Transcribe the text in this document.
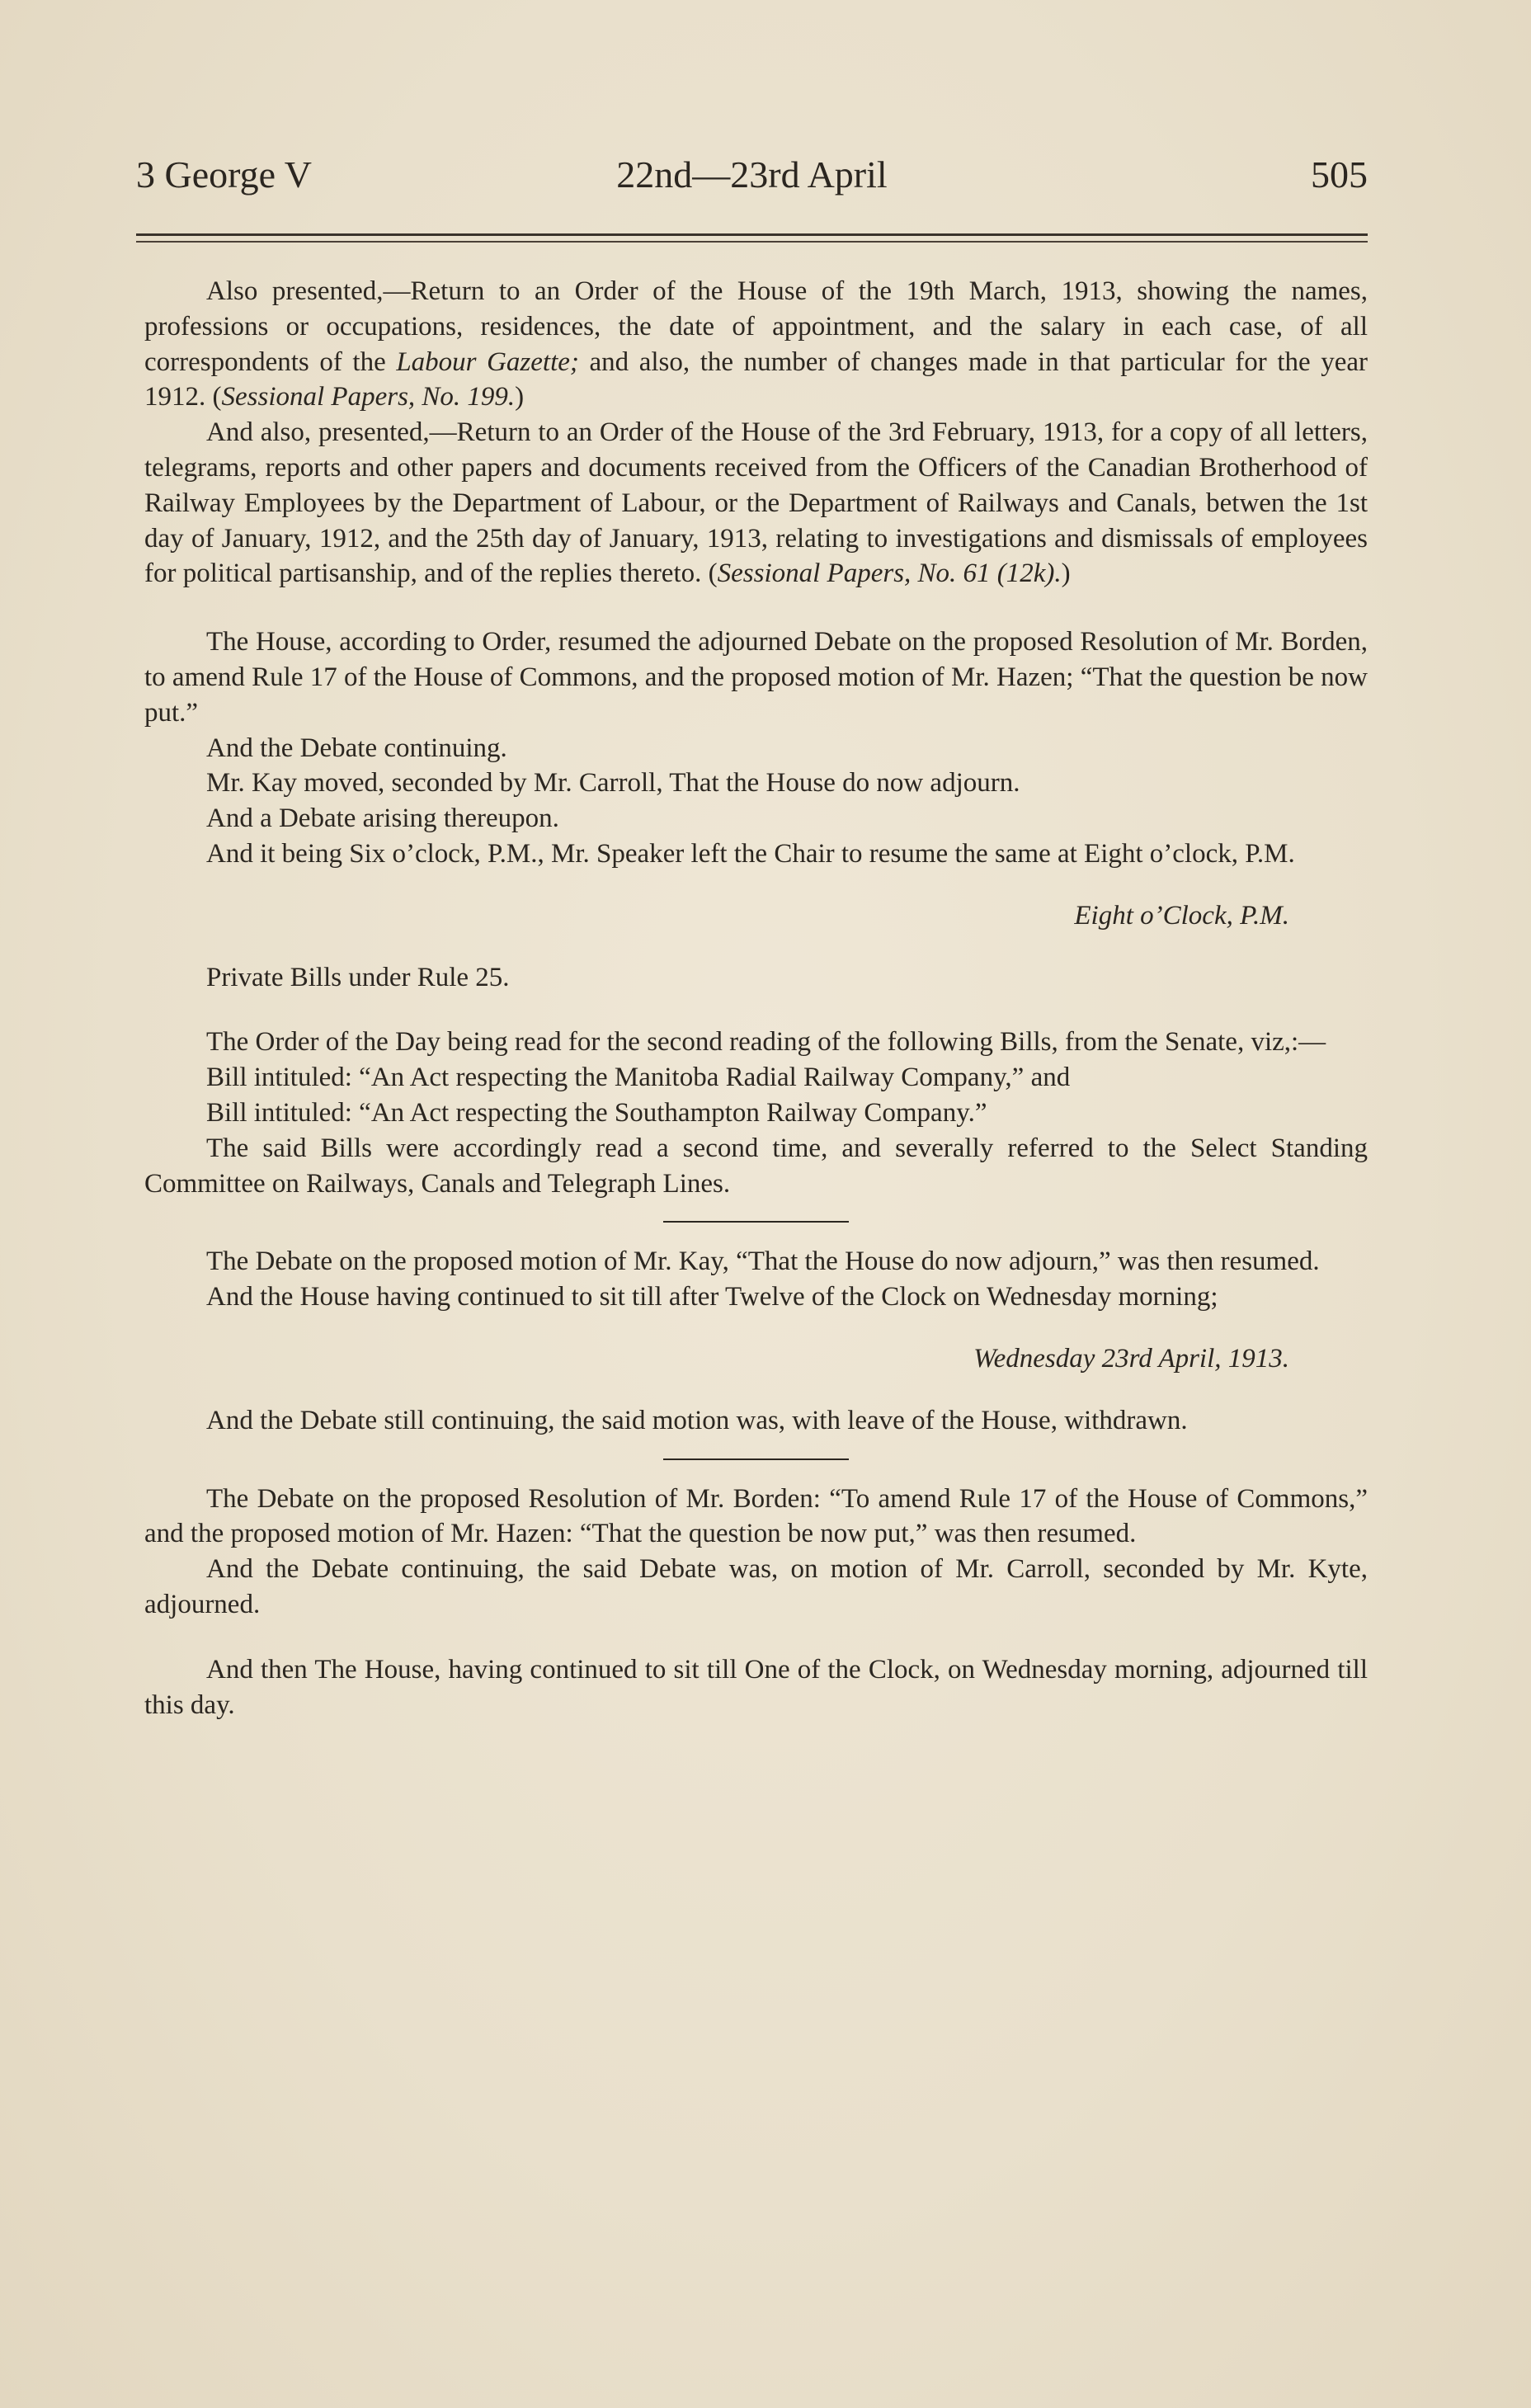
3 George V	22nd—23rd April	505

Also presented,—Return to an Order of the House of the 19th March, 1913, showing the names, professions or occupations, residences, the date of appointment, and the salary in each case, of all correspondents of the Labour Gazette; and also, the number of changes made in that particular for the year 1912. (Sessional Papers, No. 199.)

And also, presented,—Return to an Order of the House of the 3rd February, 1913, for a copy of all letters, telegrams, reports and other papers and documents received from the Officers of the Canadian Brotherhood of Railway Employees by the Department of Labour, or the Department of Railways and Canals, betwen the 1st day of January, 1912, and the 25th day of January, 1913, relating to investigations and dismissals of employees for political partisanship, and of the replies thereto. (Sessional Papers, No. 61 (12k).)

The House, according to Order, resumed the adjourned Debate on the proposed Resolution of Mr. Borden, to amend Rule 17 of the House of Commons, and the proposed motion of Mr. Hazen; “That the question be now put.”

And the Debate continuing.

Mr. Kay moved, seconded by Mr. Carroll, That the House do now adjourn.

And a Debate arising thereupon.

And it being Six o’clock, P.M., Mr. Speaker left the Chair to resume the same at Eight o’clock, P.M.

Eight o’Clock, P.M.

Private Bills under Rule 25.

The Order of the Day being read for the second reading of the following Bills, from the Senate, viz,:—

Bill intituled: “An Act respecting the Manitoba Radial Railway Company,” and

Bill intituled: “An Act respecting the Southampton Railway Company.”

The said Bills were accordingly read a second time, and severally referred to the Select Standing Committee on Railways, Canals and Telegraph Lines.

The Debate on the proposed motion of Mr. Kay, “That the House do now adjourn,” was then resumed.

And the House having continued to sit till after Twelve of the Clock on Wednesday morning;

Wednesday 23rd April, 1913.

And the Debate still continuing, the said motion was, with leave of the House, withdrawn.

The Debate on the proposed Resolution of Mr. Borden: “To amend Rule 17 of the House of Commons,” and the proposed motion of Mr. Hazen: “That the question be now put,” was then resumed.

And the Debate continuing, the said Debate was, on motion of Mr. Carroll, seconded by Mr. Kyte, adjourned.

And then The House, having continued to sit till One of the Clock, on Wednesday morning, adjourned till this day.
